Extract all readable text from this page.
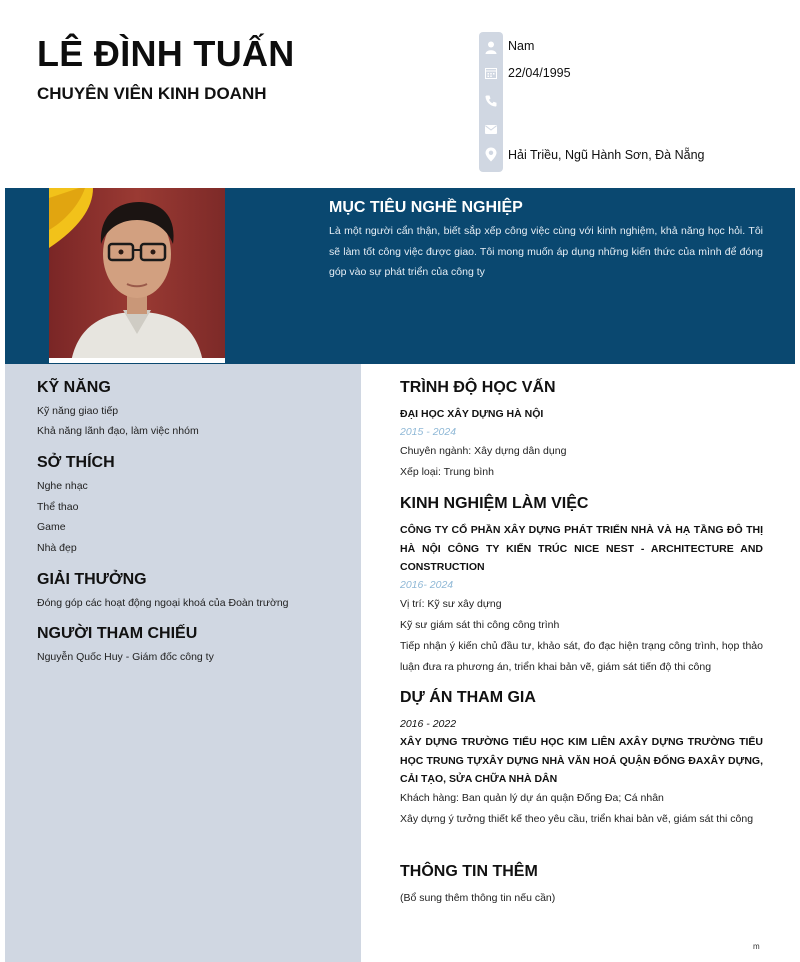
LÊ ĐÌNH TUẤN
CHUYÊN VIÊN KINH DOANH
Nam
22/04/1995
Hải Triều, Ngũ Hành Sơn, Đà Nẵng
MỤC TIÊU NGHỀ NGHIỆP
Là một người cẩn thận, biết sắp xếp công việc cùng với kinh nghiệm, khả năng học hỏi. Tôi sẽ làm tốt công việc được giao. Tôi mong muốn áp dụng những kiến thức của mình để đóng góp vào sự phát triển của công ty
KỸ NĂNG
Kỹ năng giao tiếp
Khả năng lãnh đạo, làm việc nhóm
SỞ THÍCH
Nghe nhạc
Thể thao
Game
Nhà đẹp
GIẢI THƯỞNG
Đóng góp các hoạt động ngoại khoá của Đoàn trường
NGƯỜI THAM CHIẾU
Nguyễn Quốc Huy - Giám đốc công ty
TRÌNH ĐỘ HỌC VẤN
ĐẠI HỌC XÂY DỰNG HÀ NỘI
2015 - 2024
Chuyên ngành: Xây dựng dân dụng
Xếp loại: Trung bình
KINH NGHIỆM LÀM VIỆC
CÔNG TY CỔ PHẦN XÂY DỰNG PHÁT TRIỂN NHÀ VÀ HẠ TẦNG ĐÔ THỊ HÀ NỘI CÔNG TY KIẾN TRÚC NICE NEST - ARCHITECTURE AND CONSTRUCTION
2016- 2024
Vị trí: Kỹ sư xây dựng
Kỹ sư giám sát thi công công trình
Tiếp nhận ý kiến chủ đầu tư, khảo sát, đo đạc hiện trạng công trình, họp thảo luận đưa ra phương án, triển khai bản vẽ, giám sát tiến độ thi công
DỰ ÁN THAM GIA
2016 - 2022
XÂY DỰNG TRƯỜNG TIỂU HỌC KIM LIÊN AXÂY DỰNG TRƯỜNG TIỂU HỌC TRUNG TỰXÂY DỰNG NHÀ VĂN HOÁ QUẬN ĐỐNG ĐAXÂY DỰNG, CẢI TẠO, SỬA CHỮA NHÀ DÂN
Khách hàng: Ban quản lý dự án quận Đống Đa; Cá nhân
Xây dựng ý tưởng thiết kế theo yêu cầu, triển khai bản vẽ, giám sát thi công
THÔNG TIN THÊM
(Bổ sung thêm thông tin nếu cần)
m
